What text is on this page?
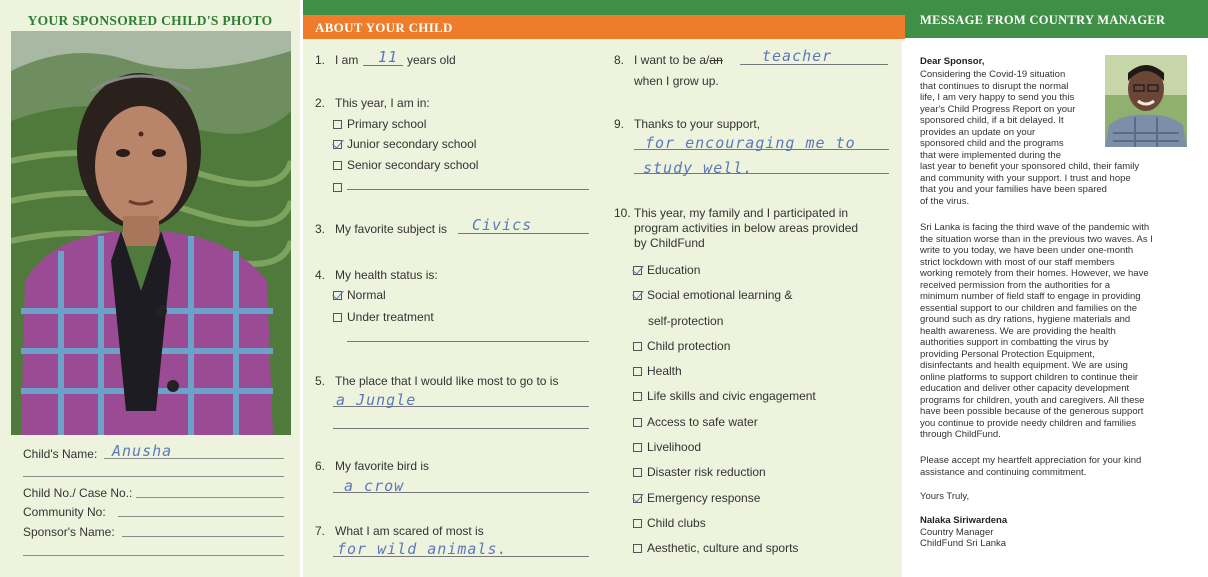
YOUR SPONSORED CHILD'S PHOTO
Child's Name: Anusha
Child No./ Case No.:
Community No:
Sponsor's Name:
ABOUT YOUR CHILD
1. I am	years old
11
2. This year, I am in:
Primary school
Junior secondary school
Senior secondary school
3. My favorite subject is Civics
4. My health status is:
Normal
Under treatment
5. The place that I would like most to go to is
a Jungle
6. My favorite bird is
a crow
7. What I am scared of most is
for wild animals.
8. I want to be a/an
when I grow up.
teacher
9. Thanks to your support,
for encouraging me to
study well.
10. This year, my family and I participated in
program activities in below areas provided
by ChildFund
Education
Social emotional learning &
self-protection
Child protection
Health
Life skills and civic engagement
Access to safe water
Livelihood
Disaster risk reduction
Emergency response
Child clubs
Aesthetic, culture and sports
MESSAGE FROM COUNTRY MANAGER
Dear Sponsor,
Considering the Covid-19 situation
that continues to disrupt the normal
life, I am very happy to send you this
year's Child Progress Report on your
sponsored child, if a bit delayed. It
provides an update on your
sponsored child and the programs
that were implemented during the
last year to benefit your sponsored child, their family
and community with your support. I trust and hope
that you and your families have been spared
of the virus.
Sri Lanka is facing the third wave of the pandemic with
the situation worse than in the previous two waves. As I
write to you today, we have been under one-month
strict lockdown with most of our staff members
working remotely from their homes. However, we have
received permission from the authorities for a
minimum number of field staff to engage in providing
essential support to our children and families on the
ground such as dry rations, hygiene materials and
health awareness. We are providing the health
authorities support in combatting the virus by
providing Personal Protection Equipment,
disinfectants and health equipment. We are using
online platforms to support children to continue their
education and deliver other capacity development
programs for children, youth and caregivers. All these
have been possible because of the generous support
you continue to provide needy children and families
through ChildFund.
Please accept my heartfelt appreciation for your kind
assistance and continuing commitment.
Yours Truly,
Nalaka Siriwardena
Country Manager
ChildFund Sri Lanka
